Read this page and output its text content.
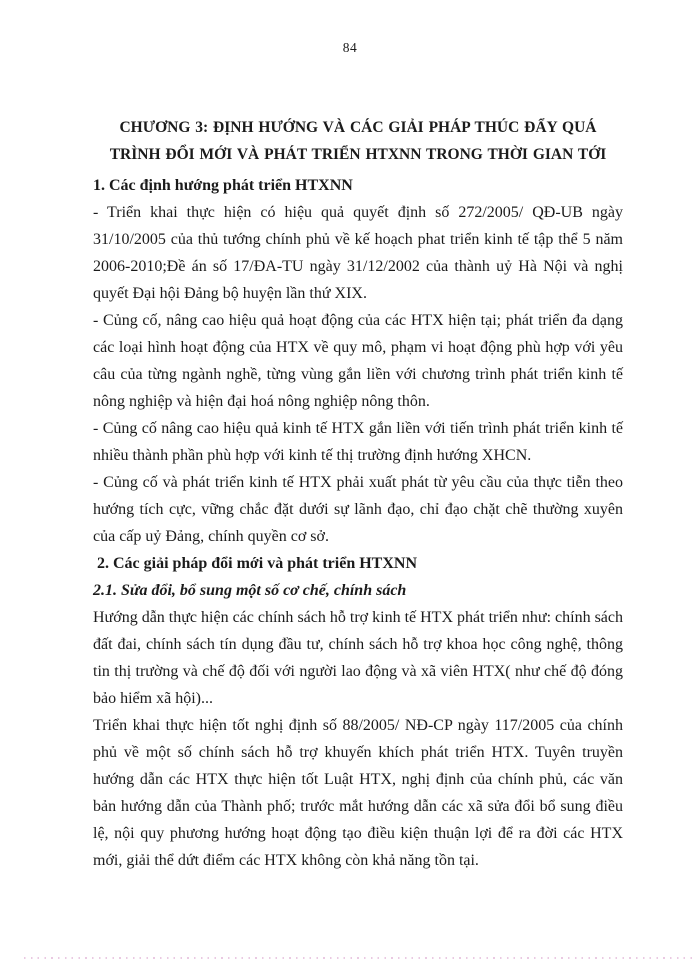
84
CHƯƠNG 3: ĐỊNH HƯỚNG VÀ CÁC GIẢI PHÁP THÚC ĐẨY QUÁ TRÌNH ĐỔI MỚI VÀ PHÁT TRIỂN HTXNN TRONG THỜI GIAN TỚI
1. Các định hướng phát triển HTXNN

- Triển khai thực hiện có hiệu quả quyết định số 272/2005/ QĐ-UB ngày 31/10/2005 của thủ tướng chính phủ về kế hoạch phat triển kinh tế tập thể 5 năm 2006-2010;Đề án số 17/ĐA-TU ngày 31/12/2002 của thành uỷ Hà Nội và nghị quyết Đại hội Đảng bộ huyện lần thứ XIX.

- Củng cố, nâng cao hiệu quả hoạt động của các HTX hiện tại; phát triển đa dạng các loại hình hoạt động của HTX về quy mô, phạm vi hoạt động phù hợp với yêu câu của từng ngành nghề, từng vùng gắn liền với chương trình phát triển kinh tế nông nghiệp và hiện đại hoá nông nghiệp nông thôn.

- Củng cố nâng cao hiệu quả kinh tế HTX gắn liền với tiến trình phát triển kinh tế nhiều thành phần phù hợp với kinh tế thị trường định hướng XHCN.

- Củng cố và phát triển kinh tế HTX phải xuất phát từ yêu cầu của thực tiễn theo hướng tích cực, vững chắc đặt dưới sự lãnh đạo, chỉ đạo chặt chẽ thường xuyên của cấp uỷ Đảng, chính quyền cơ sở.

2. Các giải pháp đổi mới và phát triển HTXNN
2.1. Sửa đổi, bổ sung một số cơ chế, chính sách

Hướng dẫn thực hiện các chính sách hỗ trợ kinh tế HTX phát triển như: chính sách đất đai, chính sách tín dụng đầu tư, chính sách hỗ trợ khoa học công nghệ, thông tin thị trường và chế độ đối với người lao động và xã viên HTX( như chế độ đóng bảo hiểm xã hội)...

Triển khai thực hiện tốt nghị định số 88/2005/ NĐ-CP ngày 117/2005 của chính phủ về một số chính sách hỗ trợ khuyến khích phát triển HTX. Tuyên truyền hướng dẫn các HTX thực hiện tốt Luật HTX, nghị định của chính phủ, các văn bản hướng dẫn của Thành phố; trước mắt hướng dẫn các xã sửa đổi bổ sung điều lệ, nội quy phương hướng hoạt động tạo điều kiện thuận lợi để ra đời các HTX mới, giải thể dứt điểm các HTX không còn khả năng tồn tại.
